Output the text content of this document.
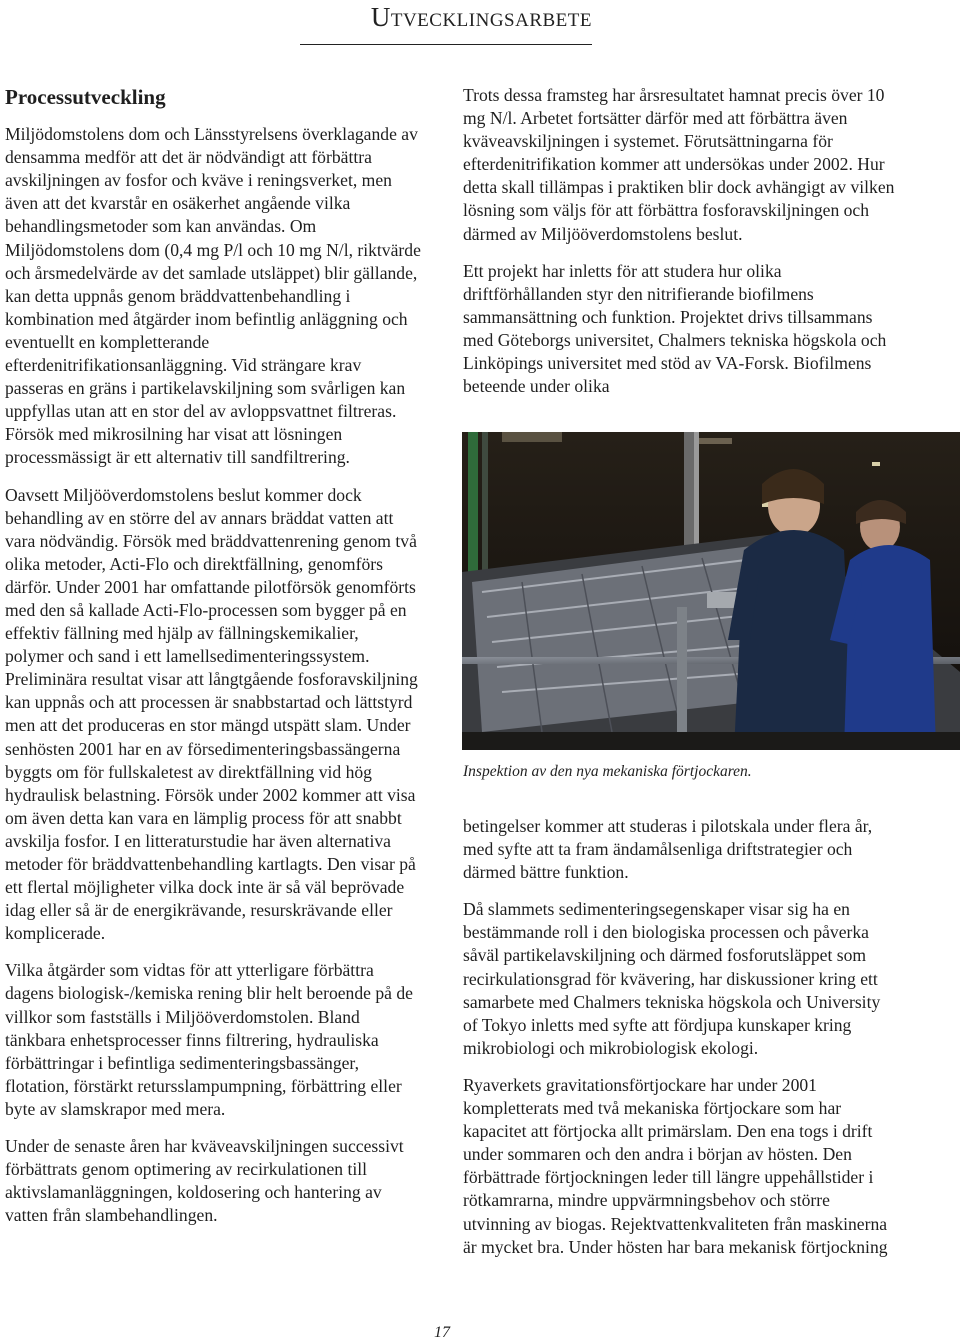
Utvecklingsarbete
Processutveckling

Miljödomstolens dom och Länsstyrelsens överklagande av densamma medför att det är nödvändigt att förbättra avskiljningen av fosfor och kväve i reningsverket, men även att det kvarstår en osäkerhet angående vilka behandlingsmetoder som kan användas. Om Miljödomstolens dom (0,4 mg P/l och 10 mg N/l, riktvärde och årsmedelvärde av det samlade utsläppet) blir gällande, kan detta uppnås genom bräddvattenbehandling i kombination med åtgärder inom befintlig anläggning och eventuellt en kompletterande efterdenitrifikationsanläggning. Vid strängare krav passeras en gräns i partikelavskiljning som svårligen kan uppfyllas utan att en stor del av avloppsvattnet filtreras. Försök med mikrosilning har visat att lösningen processmässigt är ett alternativ till sandfiltrering.

Oavsett Miljööverdomstolens beslut kommer dock behandling av en större del av annars bräddat vatten att vara nödvändig. Försök med bräddvattenrening genom två olika metoder, Acti-Flo och direktfällning, genomförs därför. Under 2001 har omfattande pilotförsök genomförts med den så kallade Acti-Flo-processen som bygger på en effektiv fällning med hjälp av fällningskemikalier, polymer och sand i ett lamellsedimenteringssystem. Preliminära resultat visar att långtgående fosforavskiljning kan uppnås och att processen är snabbstartad och lättstyrd men att det produceras en stor mängd utspätt slam. Under senhösten 2001 har en av försedimenteringsbassängerna byggts om för fullskaletest av direktfällning vid hög hydraulisk belastning. Försök under 2002 kommer att visa om även detta kan vara en lämplig process för att snabbt avskilja fosfor. I en litteraturstudie har även alternativa metoder för bräddvattenbehandling kartlagts. Den visar på ett flertal möjligheter vilka dock inte är så väl beprövade idag eller så är de energikrävande, resurskrävande eller komplicerade.

Vilka åtgärder som vidtas för att ytterligare förbättra dagens biologisk-/kemiska rening blir helt beroende på de villkor som fastställs i Miljööverdomstolen. Bland tänkbara enhetsprocesser finns filtrering, hydrauliska förbättringar i befintliga sedimenteringsbassänger, flotation, förstärkt retursslampumpning, förbättring eller byte av slamskrapor med mera.

Under de senaste åren har kväveavskiljningen successivt förbättrats genom optimering av recirkulationen till aktivslamanläggningen, koldosering och hantering av vatten från slambehandlingen.

Trots dessa framsteg har årsresultatet hamnat precis över 10 mg N/l. Arbetet fortsätter därför med att förbättra även kväveavskiljningen i systemet. Förutsättningarna för efterdenitrifikation kommer att undersökas under 2002. Hur detta skall tillämpas i praktiken blir dock avhängigt av vilken lösning som väljs för att förbättra fosforavskiljningen och därmed av Miljööverdomstolens beslut.

Ett projekt har inletts för att studera hur olika driftförhållanden styr den nitrifierande biofilmens sammansättning och funktion. Projektet drivs tillsammans med Göteborgs universitet, Chalmers tekniska högskola och Linköpings universitet med stöd av VA-Forsk. Biofilmens beteende under olika

Inspektion av den nya mekaniska förtjockaren.

betingelser kommer att studeras i pilotskala under flera år, med syfte att ta fram ändamålsenliga driftstrategier och därmed bättre funktion.

Då slammets sedimenteringsegenskaper visar sig ha en bestämmande roll i den biologiska processen och påverka såväl partikelavskiljning och därmed fosforutsläppet som recirkulationsgrad för kvävering, har diskussioner kring ett samarbete med Chalmers tekniska högskola och University of Tokyo inletts med syfte att fördjupa kunskaper kring mikrobiologi och mikrobiologisk ekologi.

Ryaverkets gravitationsförtjockare har under 2001 kompletterats med två mekaniska förtjockare som har kapacitet att förtjocka allt primärslam. Den ena togs i drift under sommaren och den andra i början av hösten. Den förbättrade förtjockningen leder till längre uppehållstider i rötkamrarna, mindre uppvärmningsbehov och större utvinning av biogas. Rejektvattenkvaliteten från maskinerna är mycket bra. Under hösten har bara mekanisk förtjockning

17
